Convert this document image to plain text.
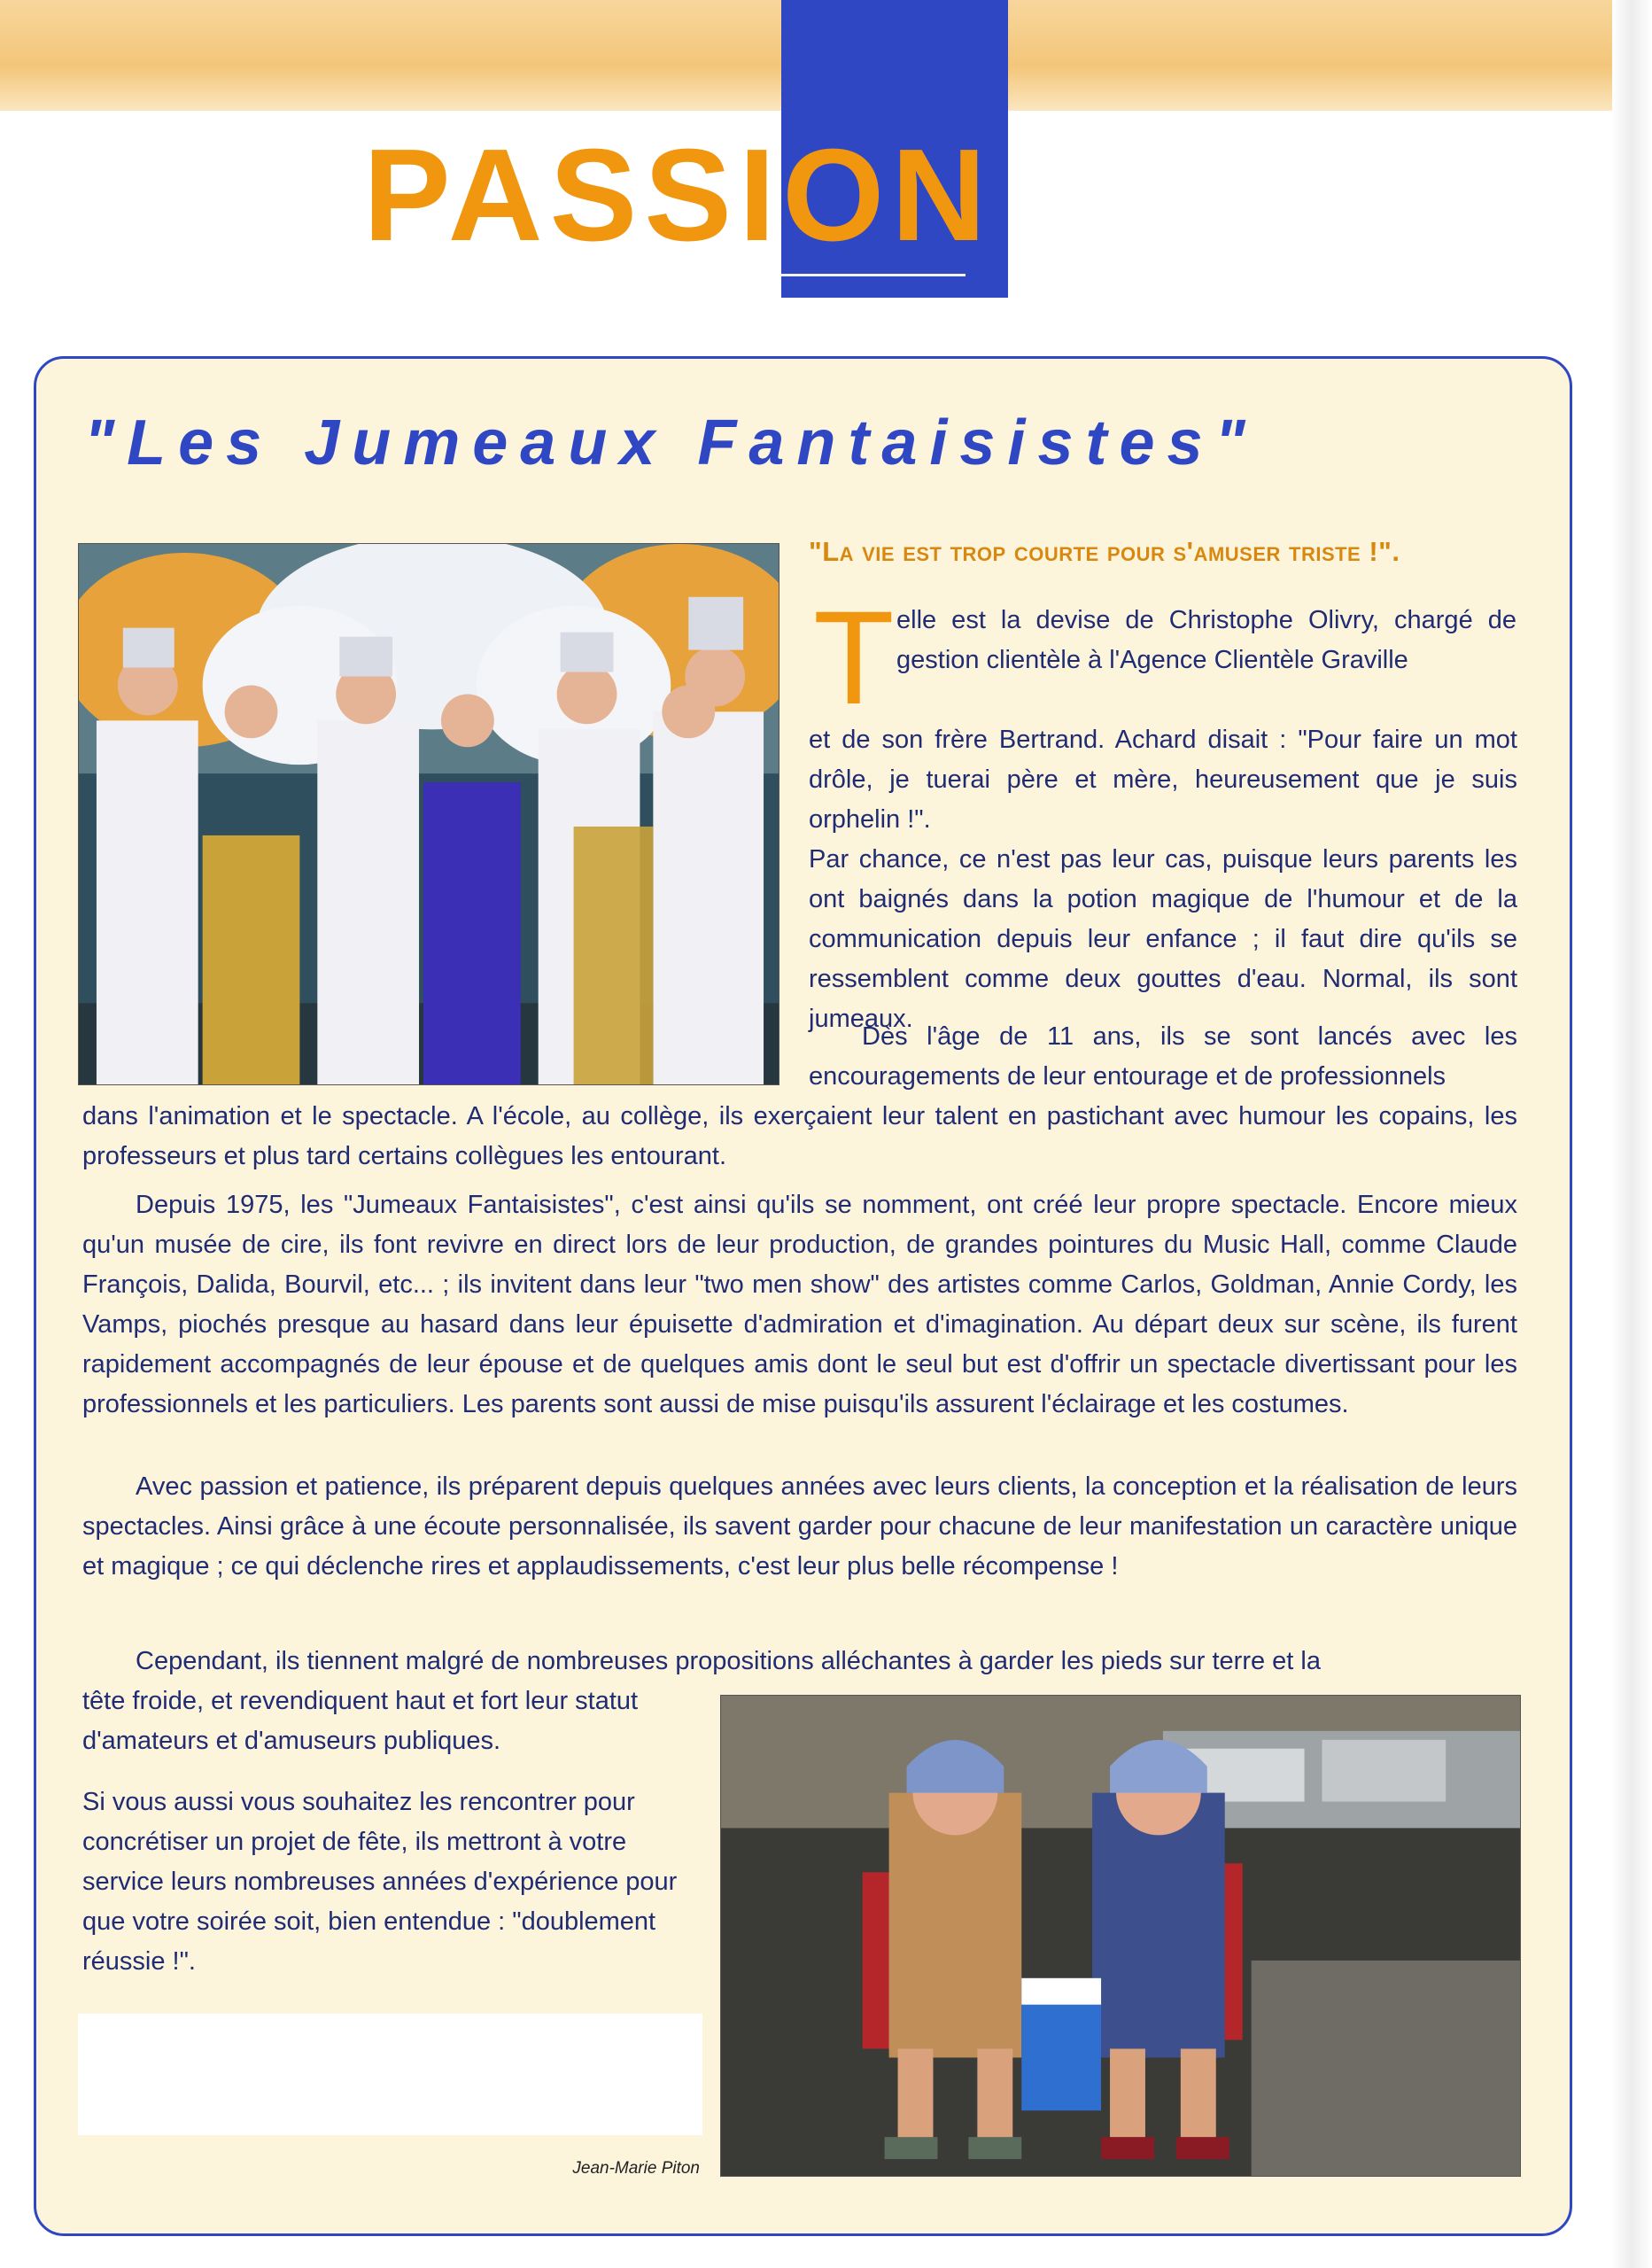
PASSION
"Les Jumeaux Fantaisistes"
Jean-Marie Piton
"La vie est trop courte pour s'amuser triste !".
T elle est la devise de Christophe Olivry, chargé de gestion clientèle à l'Agence Clientèle Graville

et de son frère Bertrand. Achard disait : "Pour faire un mot drôle, je tuerai père et mère, heureusement que je suis orphelin !".

Par chance, ce n'est pas leur cas, puisque leurs parents les ont baignés dans la potion magique de l'humour et de la communication depuis leur enfance ; il faut dire qu'ils se ressemblent comme deux gouttes d'eau. Normal, ils sont jumeaux.

Dès l'âge de 11 ans, ils se sont lancés avec les encouragements de leur entourage et de professionnels
dans l'animation et le spectacle. A l'école, au collège, ils exerçaient leur talent en pastichant avec humour les copains, les professeurs et plus tard certains collègues les entourant.
Depuis 1975, les "Jumeaux Fantaisistes", c'est ainsi qu'ils se nomment, ont créé leur propre spectacle. Encore mieux qu'un musée de cire, ils font revivre en direct lors de leur production, de grandes pointures du Music Hall, comme Claude François, Dalida, Bourvil, etc... ; ils invitent dans leur "two men show" des artistes comme Carlos, Goldman, Annie Cordy, les Vamps, piochés presque au hasard dans leur épuisette d'admiration et d'imagination. Au départ deux sur scène, ils furent rapidement accompagnés de leur épouse et de quelques amis dont le seul but est d'offrir un spectacle divertissant pour les professionnels et les particuliers. Les parents sont aussi de mise puisqu'ils assurent l'éclairage et les costumes.
Avec passion et patience, ils préparent depuis quelques années avec leurs clients, la conception et la réalisation de leurs spectacles. Ainsi grâce à une écoute personnalisée, ils savent garder pour chacune de leur manifestation un caractère unique et magique ; ce qui déclenche rires et applaudissements, c'est leur plus belle récompense !
Cependant, ils tiennent malgré de nombreuses propositions alléchantes à garder les pieds sur terre et la
tête froide, et revendiquent haut et fort leur statut d'amateurs et d'amuseurs publiques.
Si vous aussi vous souhaitez les rencontrer pour concrétiser un projet de fête, ils mettront à votre service leurs nombreuses années d'expérience pour que votre soirée soit, bien entendue : "doublement réussie !".
